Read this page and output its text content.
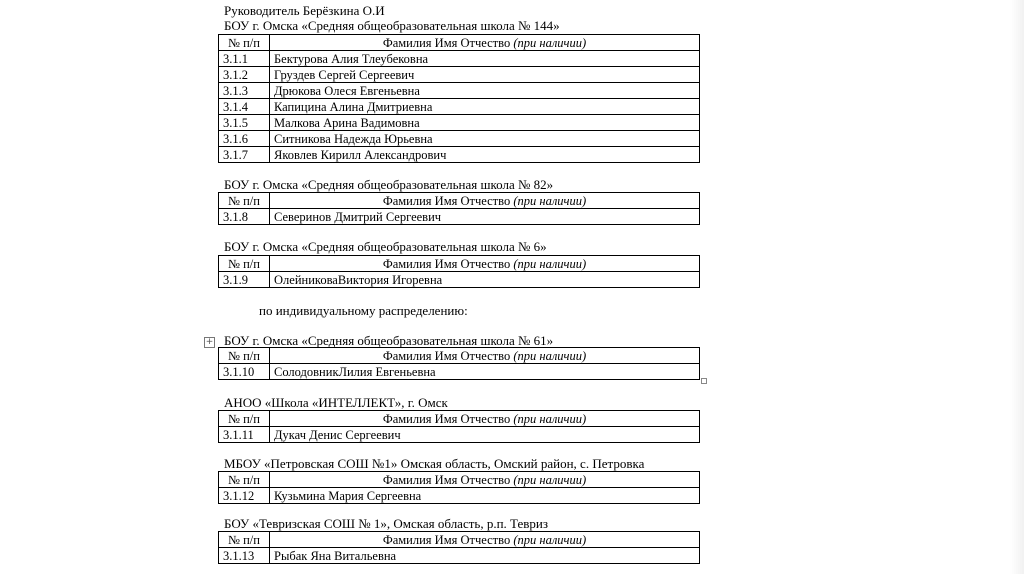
Руководитель Берёзкина О.И
БОУ г. Омска «Средняя общеобразовательная школа № 144»
№ п/п	Фамилия Имя Отчество (при наличии)
3.1.1	Бектурова Алия Тлеубековна
3.1.2	Груздев Сергей Сергеевич
3.1.3	Дрюкова Олеся Евгеньевна
3.1.4	Капицина Алина Дмитриевна
3.1.5	Малкова Арина Вадимовна
3.1.6	Ситникова Надежда Юрьевна
3.1.7	Яковлев Кирилл Александрович
БОУ г. Омска «Средняя общеобразовательная школа № 82»
№ п/п	Фамилия Имя Отчество (при наличии)
3.1.8	Северинов Дмитрий Сергеевич
БОУ г. Омска «Средняя общеобразовательная школа № 6»
№ п/п	Фамилия Имя Отчество (при наличии)
3.1.9	ОлейниковаВиктория Игоревна
по индивидуальному распределению:
+ БОУ г. Омска «Средняя общеобразовательная школа № 61»
№ п/п	Фамилия Имя Отчество (при наличии)
3.1.10	СолодовникЛилия Евгеньевна
АНОО «Школа «ИНТЕЛЛЕКТ», г. Омск
№ п/п	Фамилия Имя Отчество (при наличии)
3.1.11	Дукач Денис Сергеевич
МБОУ «Петровская СОШ №1» Омская область, Омский район, с. Петровка
№ п/п	Фамилия Имя Отчество (при наличии)
3.1.12	Кузьмина Мария Сергеевна
БОУ «Тевризская СОШ № 1», Омская область, р.п. Тевриз
№ п/п	Фамилия Имя Отчество (при наличии)
3.1.13	Рыбак Яна Витальевна
